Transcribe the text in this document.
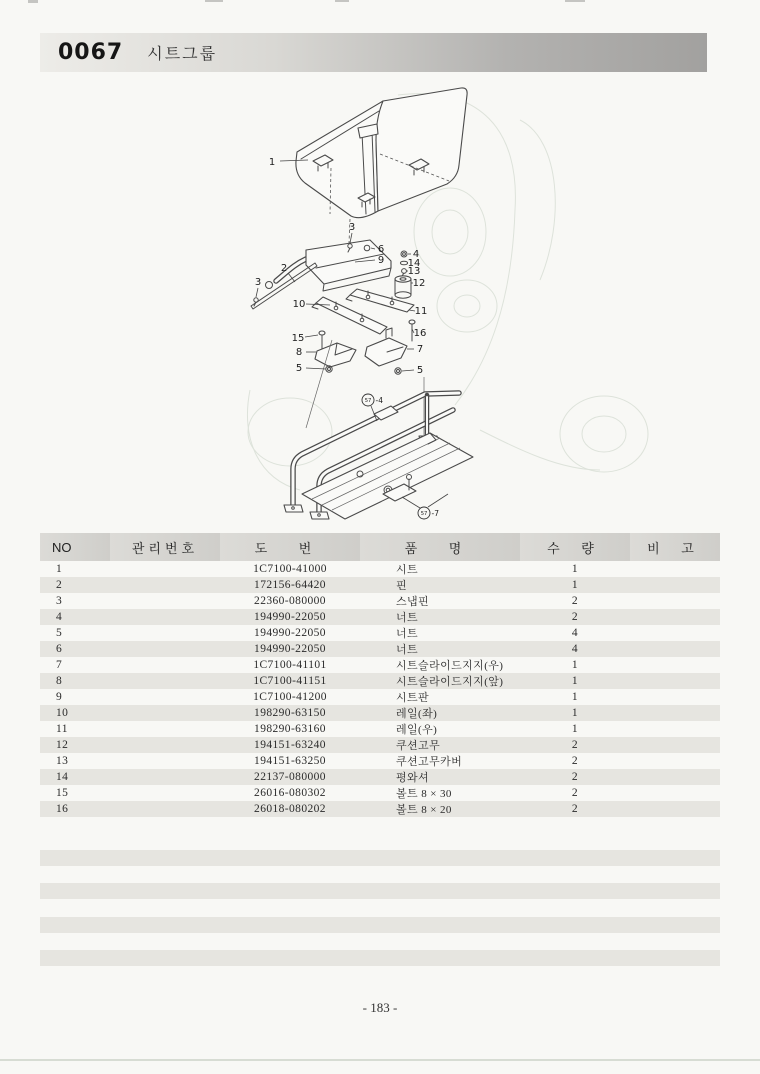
0067 시트그룹
1
3
2
3
6
9
4
14
13
12
10
11
15	16
8	7
5	5
57 -4
57 -7
NO	관리번호	도 번	품 명	수 량	비 고
1		1C7100-41000	시트	1	
2		172156-64420	핀	1	
3		22360-080000	스냅핀	2	
4		194990-22050	너트	2	
5		194990-22050	너트	4	
6		194990-22050	너트	4	
7		1C7100-41101	시트슬라이드지지(우)	1	
8		1C7100-41151	시트슬라이드지지(앞)	1	
9		1C7100-41200	시트판	1	
10		198290-63150	레일(좌)	1	
11		198290-63160	레일(우)	1	
12		194151-63240	쿠션고무	2	
13		194151-63250	쿠션고무카버	2	
14		22137-080000	평와셔	2	
15		26016-080302	볼트 8 × 30	2	
16		26018-080202	볼트 8 × 20	2	
- 183 -
